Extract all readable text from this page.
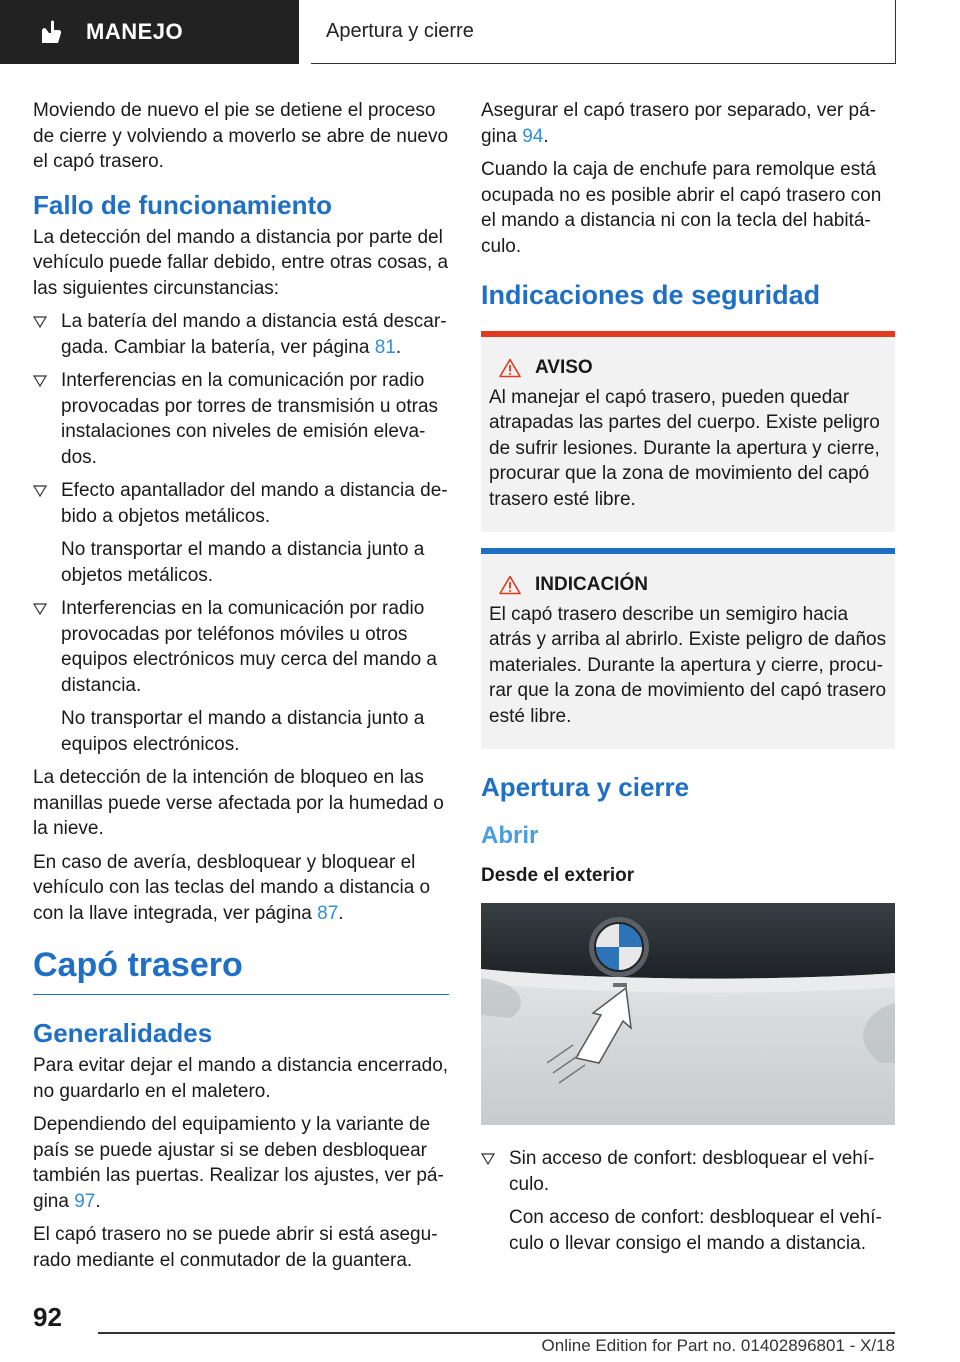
MANEJO	Apertura y cierre

Moviendo de nuevo el pie se detiene el proceso de cierre y volviendo a moverlo se abre de nuevo el capó trasero.

Fallo de funcionamiento

La detección del mando a distancia por parte del vehículo puede fallar debido, entre otras cosas, a las siguientes circunstancias:

La batería del mando a distancia está descargada. Cambiar la batería, ver página 81.
Interferencias en la comunicación por radio provocadas por torres de transmisión u otras instalaciones con niveles de emisión elevados.
Efecto apantallador del mando a distancia debido a objetos metálicos.

No transportar el mando a distancia junto a objetos metálicos.

Interferencias en la comunicación por radio provocadas por teléfonos móviles u otros equipos electrónicos muy cerca del mando a distancia.

No transportar el mando a distancia junto a equipos electrónicos.

La detección de la intención de bloqueo en las manillas puede verse afectada por la humedad o la nieve.

En caso de avería, desbloquear y bloquear el vehículo con las teclas del mando a distancia o con la llave integrada, ver página 87.

Capó trasero
Generalidades

Para evitar dejar el mando a distancia encerrado, no guardarlo en el maletero.

Dependiendo del equipamiento y la variante de país se puede ajustar si se deben desbloquear también las puertas. Realizar los ajustes, ver página 97.

El capó trasero no se puede abrir si está asegurado mediante el conmutador de la guantera.

Asegurar el capó trasero por separado, ver página 94.

Cuando la caja de enchufe para remolque está ocupada no es posible abrir el capó trasero con el mando a distancia ni con la tecla del habitáculo.

Indicaciones de seguridad
AVISO
Al manejar el capó trasero, pueden quedar atrapadas las partes del cuerpo. Existe peligro de sufrir lesiones. Durante la apertura y cierre, procurar que la zona de movimiento del capó trasero esté libre.
INDICACIÓN
El capó trasero describe un semigiro hacia atrás y arriba al abrirlo. Existe peligro de daños materiales. Durante la apertura y cierre, procurar que la zona de movimiento del capó trasero esté libre.
Apertura y cierre
Abrir
Desde el exterior
Sin acceso de confort: desbloquear el vehículo.

Con acceso de confort: desbloquear el vehículo o llevar consigo el mando a distancia.

92
Online Edition for Part no. 01402896801 - X/18
